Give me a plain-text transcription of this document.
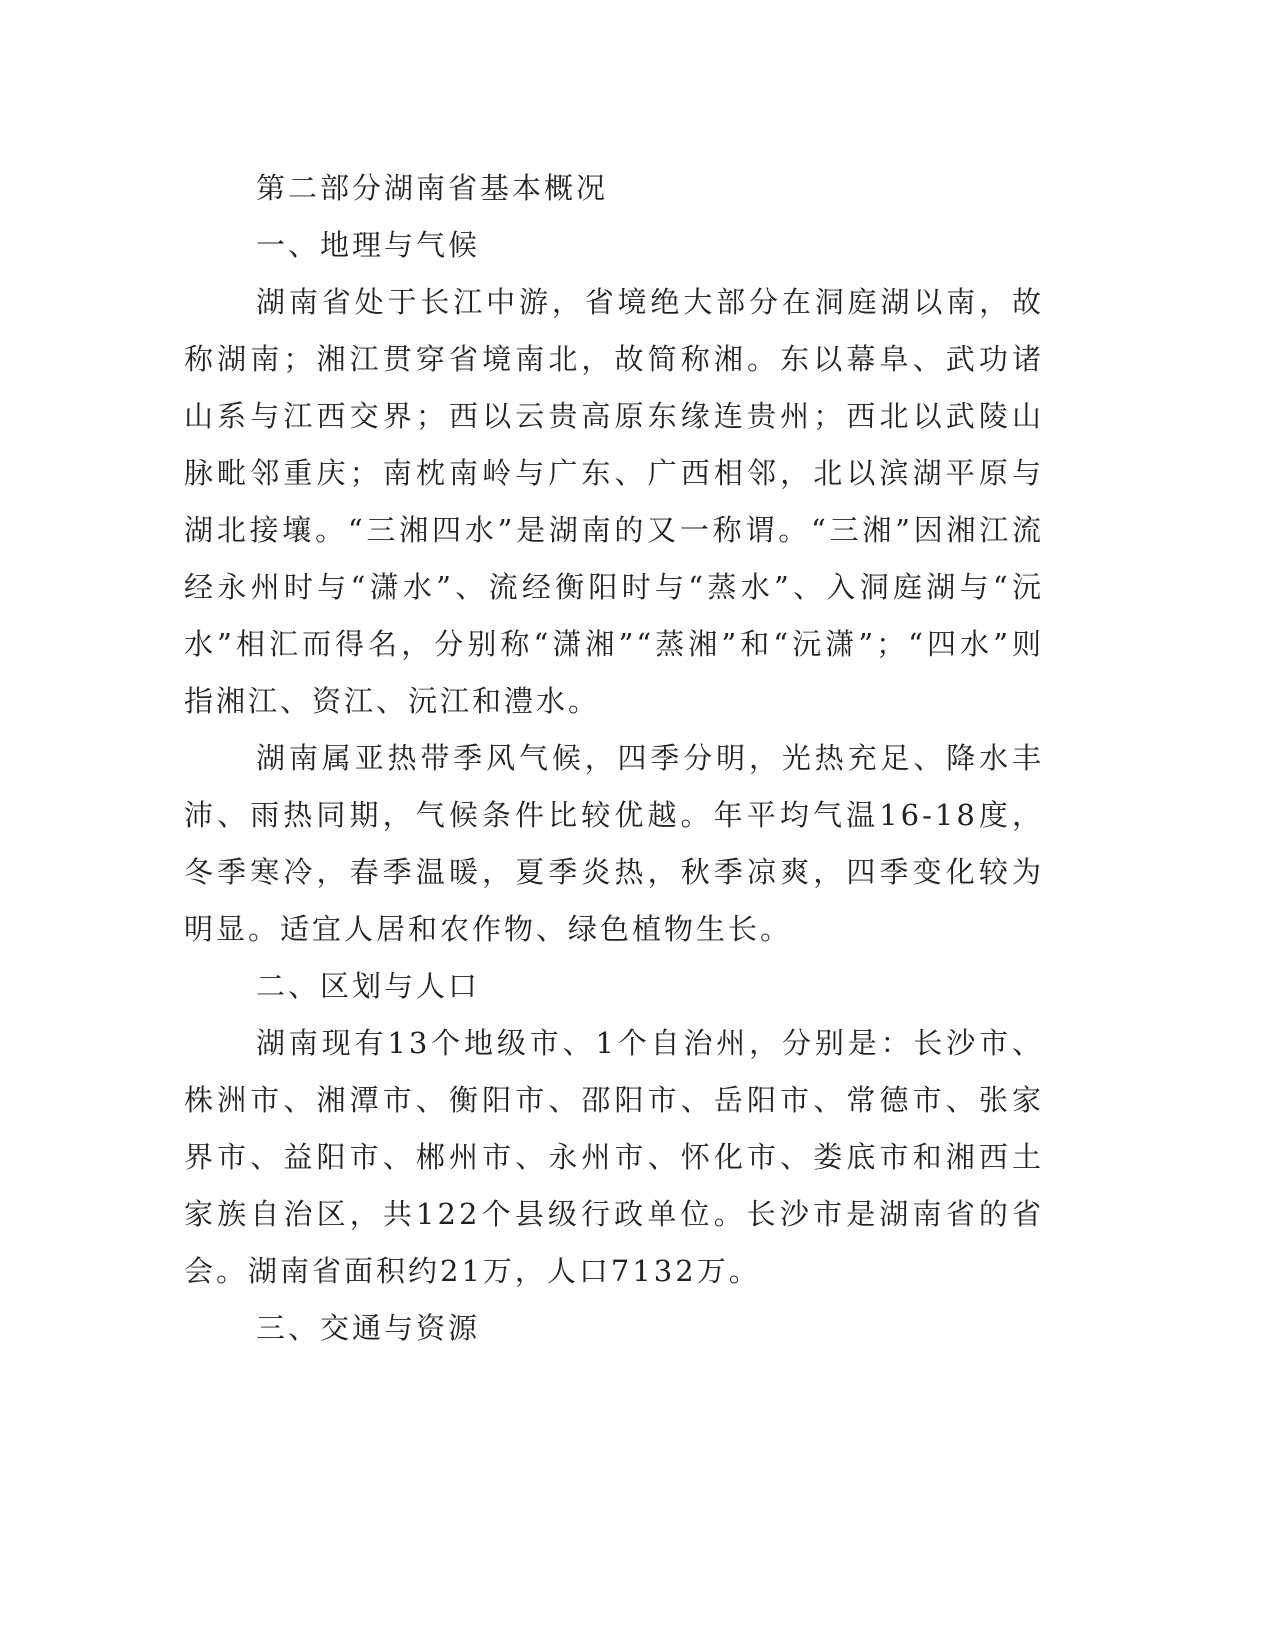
第二部分湖南省基本概况

一、地理与气候

湖南省处于长江中游，省境绝大部分在洞庭湖以南，故称湖南；湘江贯穿省境南北，故简称湘。东以幕阜、武功诸山系与江西交界；西以云贵高原东缘连贵州；西北以武陵山脉毗邻重庆；南枕南岭与广东、广西相邻，北以滨湖平原与湖北接壤。“三湘四水”是湖南的又一称谓。“三湘”因湘江流经永州时与“潇水”、流经衡阳时与“蒸水”、入洞庭湖与“沅水”相汇而得名，分别称“潇湘”“蒸湘”和“沅潇”；“四水”则指湘江、资江、沅江和澧水。

湖南属亚热带季风气候，四季分明，光热充足、降水丰沛、雨热同期，气候条件比较优越。年平均气温16-18度，冬季寒冷，春季温暖，夏季炎热，秋季凉爽，四季变化较为明显。适宜人居和农作物、绿色植物生长。

二、区划与人口

湖南现有13个地级市、1个自治州，分别是：长沙市、株洲市、湘潭市、衡阳市、邵阳市、岳阳市、常德市、张家界市、益阳市、郴州市、永州市、怀化市、娄底市和湘西土家族自治区，共122个县级行政单位。长沙市是湖南省的省会。湖南省面积约21万，人口7132万。

三、交通与资源
